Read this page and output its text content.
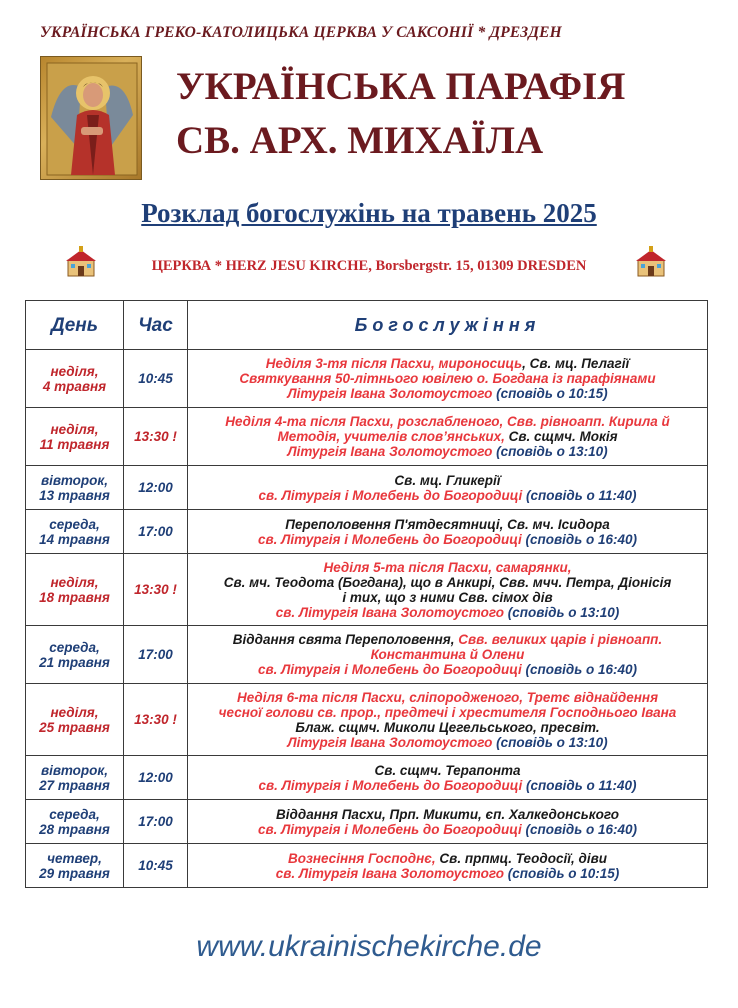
УКРАЇНСЬКА ГРЕКО-КАТОЛИЦЬКА ЦЕРКВА У САКСОНІЇ * ДРЕЗДЕН
УКРАЇНСЬКА ПАРАФІЯ
СВ. АРХ. МИХАЇЛА
Розклад богослужінь на травень 2025
ЦЕРКВА * HERZ JESU KIRCHE, Borsbergstr. 15, 01309 DRESDEN
День	Час	Богослужіння

неділя,
4 травня	10:45	Неділя 3-тя після Пасхи, мироносиць, Св. мц. Пелагії
Святкування 50-літнього ювілею о. Богдана із парафіянами
Літургія Івана Золотоустого (сповідь о 10:15)

неділя,
11 травня	13:30 !	Неділя 4-та після Пасхи, розслабленого, Свв. рівноапп. Кирила й
Методія, учителів слов’янських, Св. сщмч. Мокія
Літургія Івана Золотоустого (сповідь о 13:10)

вівторок,
13 травня	12:00	Св. мц. Гликерії
св. Літургія і Молебень до Богородиці (сповідь о 11:40)

середа,
14 травня	17:00	Переполовення П'ятдесятниці, Св. мч. Ісидора
св. Літургія і Молебень до Богородиці (сповідь о 16:40)

неділя,
18 травня	13:30 !	Неділя 5-та після Пасхи, самарянки,
Св. мч. Теодота (Богдана), що в Анкирі, Свв. мчч. Петра, Діонісія
і тих, що з ними Свв. сімох дів
св. Літургія Івана Золотоустого (сповідь о 13:10)

середа,
21 травня	17:00	Віддання свята Переполовення, Свв. великих царів і рівноапп.
Константина й Олени
св. Літургія і Молебень до Богородиці (сповідь о 16:40)

неділя,
25 травня	13:30 !	Неділя 6-та після Пасхи, сліпородженого, Третє віднайдення
чесної голови св. прор., предтечі і хрестителя Господнього Івана
Блаж. сщмч. Миколи Цегельського, пресвіт.
Літургія Івана Золотоустого (сповідь о 13:10)

вівторок,
27 травня	12:00	Св. сщмч. Терапонта
св. Літургія і Молебень до Богородиці (сповідь о 11:40)

середа,
28 травня	17:00	Віддання Пасхи, Прп. Микити, єп. Халкедонського
св. Літургія і Молебень до Богородиці (сповідь о 16:40)

четвер,
29 травня	10:45	Вознесіння Господнє, Св. прпмц. Теодосії, діви
св. Літургія Івана Золотоустого (сповідь о 10:15)
www.ukrainischekirche.de
